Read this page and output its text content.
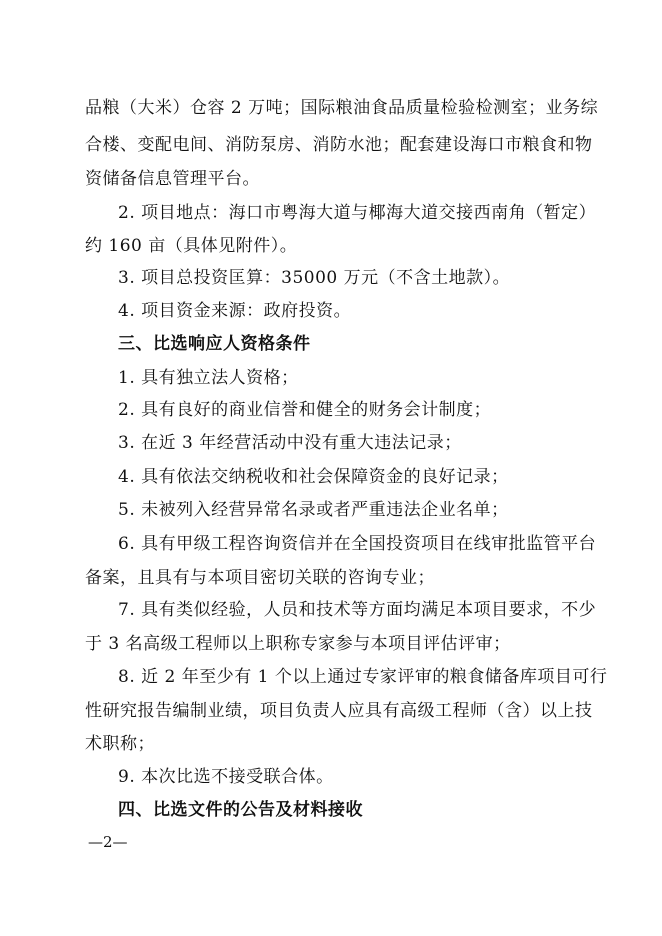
品粮（大米）仓容 2 万吨；国际粮油食品质量检验检测室；业务综
合楼、变配电间、消防泵房、消防水池；配套建设海口市粮食和物
资储备信息管理平台。
2. 项目地点：海口市粤海大道与椰海大道交接西南角（暂定）
约 160 亩（具体见附件）。
3. 项目总投资匡算：35000 万元（不含土地款）。
4. 项目资金来源：政府投资。
三、比选响应人资格条件
1. 具有独立法人资格；
2. 具有良好的商业信誉和健全的财务会计制度；
3. 在近 3 年经营活动中没有重大违法记录；
4. 具有依法交纳税收和社会保障资金的良好记录；
5. 未被列入经营异常名录或者严重违法企业名单；
6. 具有甲级工程咨询资信并在全国投资项目在线审批监管平台
备案，且具有与本项目密切关联的咨询专业；
7. 具有类似经验，人员和技术等方面均满足本项目要求，不少
于 3 名高级工程师以上职称专家参与本项目评估评审；
8. 近 2 年至少有 1 个以上通过专家评审的粮食储备库项目可行
性研究报告编制业绩，项目负责人应具有高级工程师（含）以上技
术职称；
9. 本次比选不接受联合体。
四、比选文件的公告及材料接收
—2—
